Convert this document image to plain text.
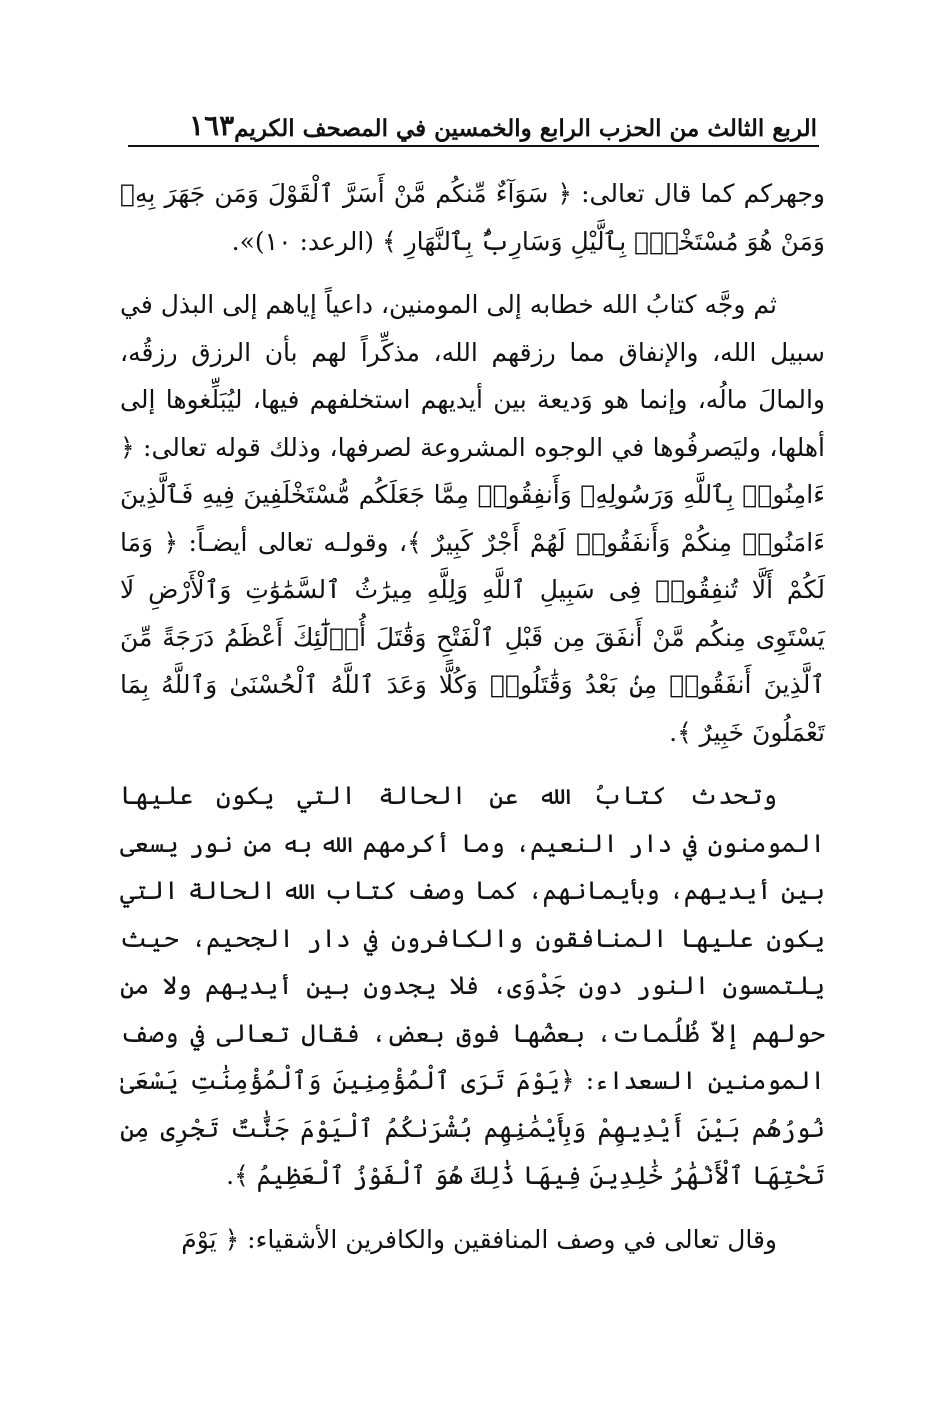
الربع الثالث من الحزب الرابع والخمسين في المصحف الكريم
١٦٣

وجهركم كما قال تعالى: ﴿ سَوَآءٌ مِّنكُم مَّنْ أَسَرَّ ٱلْقَوْلَ وَمَن جَهَرَ بِهِۦ وَمَنْ هُوَ مُسْتَخْفٍۭ بِٱلَّيْلِ وَسَارِبٌۢ بِٱلنَّهَارِ ﴾ (الرعد: ١٠)».

ثم وجَّه كتابُ الله خطابه إلى المومنين، داعياً إياهم إلى البذل في سبيل الله، والإنفاق مما رزقهم الله، مذكِّراً لهم بأن الرزق رزقُه، والمالَ مالُه، وإنما هو وَديعة بين أيديهم استخلفهم فيها، ليُبَلِّغوها إلى أهلها، وليَصرفُوها في الوجوه المشروعة لصرفها، وذلك قوله تعالى: ﴿ ءَامِنُوا۟ بِٱللَّهِ وَرَسُولِهِۦ وَأَنفِقُوا۟ مِمَّا جَعَلَكُم مُّسْتَخْلَفِينَ فِيهِ فَٱلَّذِينَ ءَامَنُوا۟ مِنكُمْ وَأَنفَقُوا۟ لَهُمْ أَجْرٌ كَبِيرٌ ﴾، وقولـه تعالى أيضـاً: ﴿ وَمَا لَكُمْ أَلَّا تُنفِقُوا۟ فِى سَبِيلِ ٱللَّهِ وَلِلَّهِ مِيرَٰثُ ٱلسَّمَٰوَٰتِ وَٱلْأَرْضِ لَا يَسْتَوِى مِنكُم مَّنْ أَنفَقَ مِن قَبْلِ ٱلْفَتْحِ وَقَٰتَلَ أُو۟لَٰٓئِكَ أَعْظَمُ دَرَجَةً مِّنَ ٱلَّذِينَ أَنفَقُوا۟ مِنۢ بَعْدُ وَقَٰتَلُوا۟ وَكُلًّا وَعَدَ ٱللَّهُ ٱلْحُسْنَىٰ وَٱللَّهُ بِمَا تَعْمَلُونَ خَبِيرٌ ﴾.

وتحدث كتابُ الله عن الحالة التي يكون عليها المومنون في دار النعيم، وما أكرمهم الله به من نور يسعى بين أيديهم، وبأيمانهم، كما وصف كتاب الله الحالة التي يكون عليها المنافقون والكافرون في دار الجحيم، حيث يلتمسون النور دون جَدْوَى، فلا يجدون بين أيديهم ولا من حولهم إلاّ ظُلُمات، بعضُها فوق بعض، فقال تعالى في وصف المومنين السعداء: ﴿يَوْمَ تَرَى ٱلْمُؤْمِنِينَ وَٱلْمُؤْمِنَٰتِ يَسْعَىٰ نُورُهُم بَيْنَ أَيْدِيهِمْ وَبِأَيْمَٰنِهِم بُشْرَىٰكُمُ ٱلْيَوْمَ جَنَّٰتٌ تَجْرِى مِن تَحْتِهَا ٱلْأَنْهَٰرُ خَٰلِدِينَ فِيهَا ذَٰلِكَ هُوَ ٱلْفَوْزُ ٱلْعَظِيمُ ﴾.

وقال تعالى في وصف المنافقين والكافرين الأشقياء: ﴿ يَوْمَ
